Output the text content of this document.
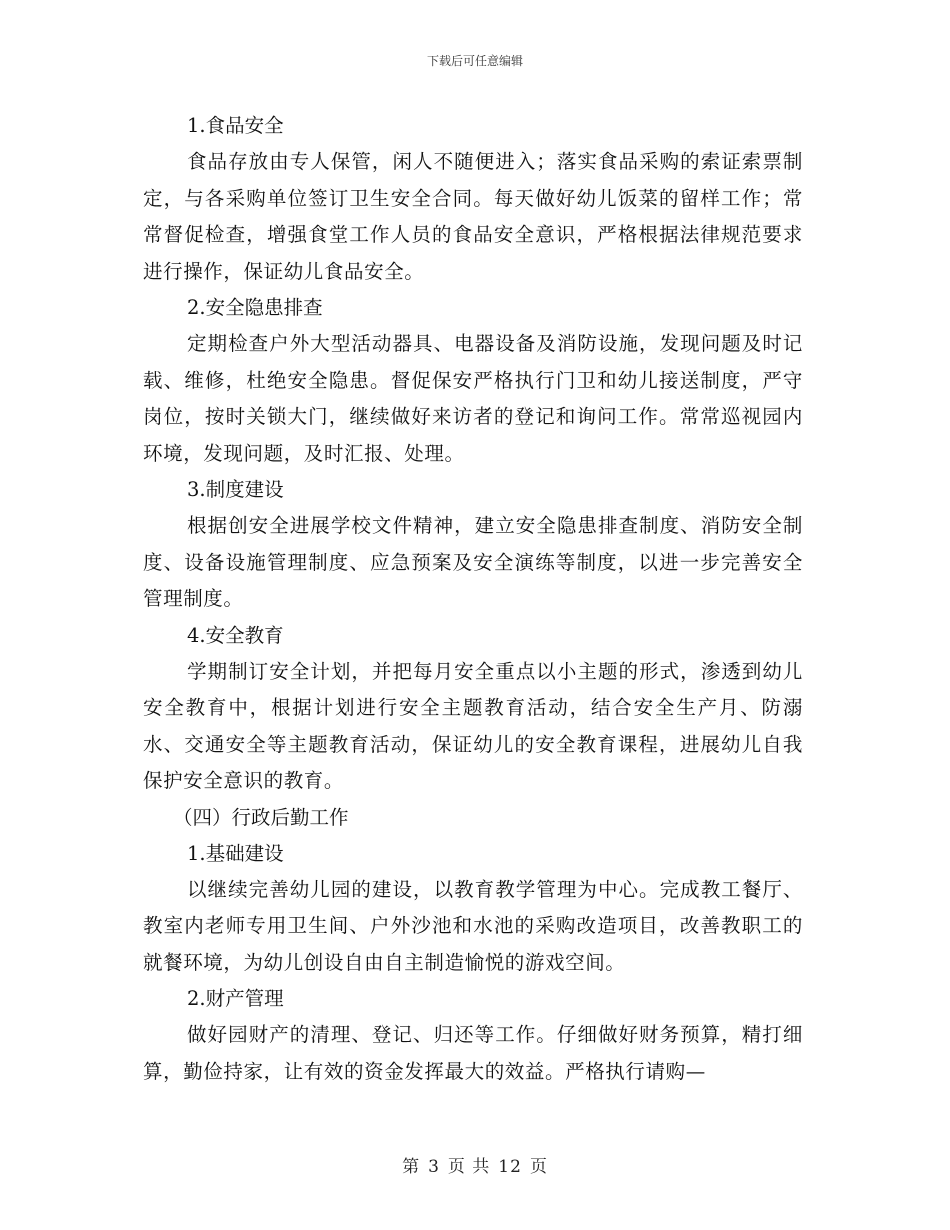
下载后可任意编辑

1.食品安全

食品存放由专人保管，闲人不随便进入；落实食品采购的索证索票制定，与各采购单位签订卫生安全合同。每天做好幼儿饭菜的留样工作；常常督促检查，增强食堂工作人员的食品安全意识，严格根据法律规范要求进行操作，保证幼儿食品安全。

2.安全隐患排查

定期检查户外大型活动器具、电器设备及消防设施，发现问题及时记载、维修，杜绝安全隐患。督促保安严格执行门卫和幼儿接送制度，严守岗位，按时关锁大门，继续做好来访者的登记和询问工作。常常巡视园内环境，发现问题，及时汇报、处理。

3.制度建设

根据创安全进展学校文件精神，建立安全隐患排查制度、消防安全制度、设备设施管理制度、应急预案及安全演练等制度，以进一步完善安全管理制度。

4.安全教育

学期制订安全计划，并把每月安全重点以小主题的形式，渗透到幼儿安全教育中，根据计划进行安全主题教育活动，结合安全生产月、防溺水、交通安全等主题教育活动，保证幼儿的安全教育课程，进展幼儿自我保护安全意识的教育。

（四）行政后勤工作

1.基础建设

以继续完善幼儿园的建设，以教育教学管理为中心。完成教工餐厅、教室内老师专用卫生间、户外沙池和水池的采购改造项目，改善教职工的就餐环境，为幼儿创设自由自主制造愉悦的游戏空间。

2.财产管理

做好园财产的清理、登记、归还等工作。仔细做好财务预算，精打细算，勤俭持家，让有效的资金发挥最大的效益。严格执行请购—

第 3 页 共 12 页
